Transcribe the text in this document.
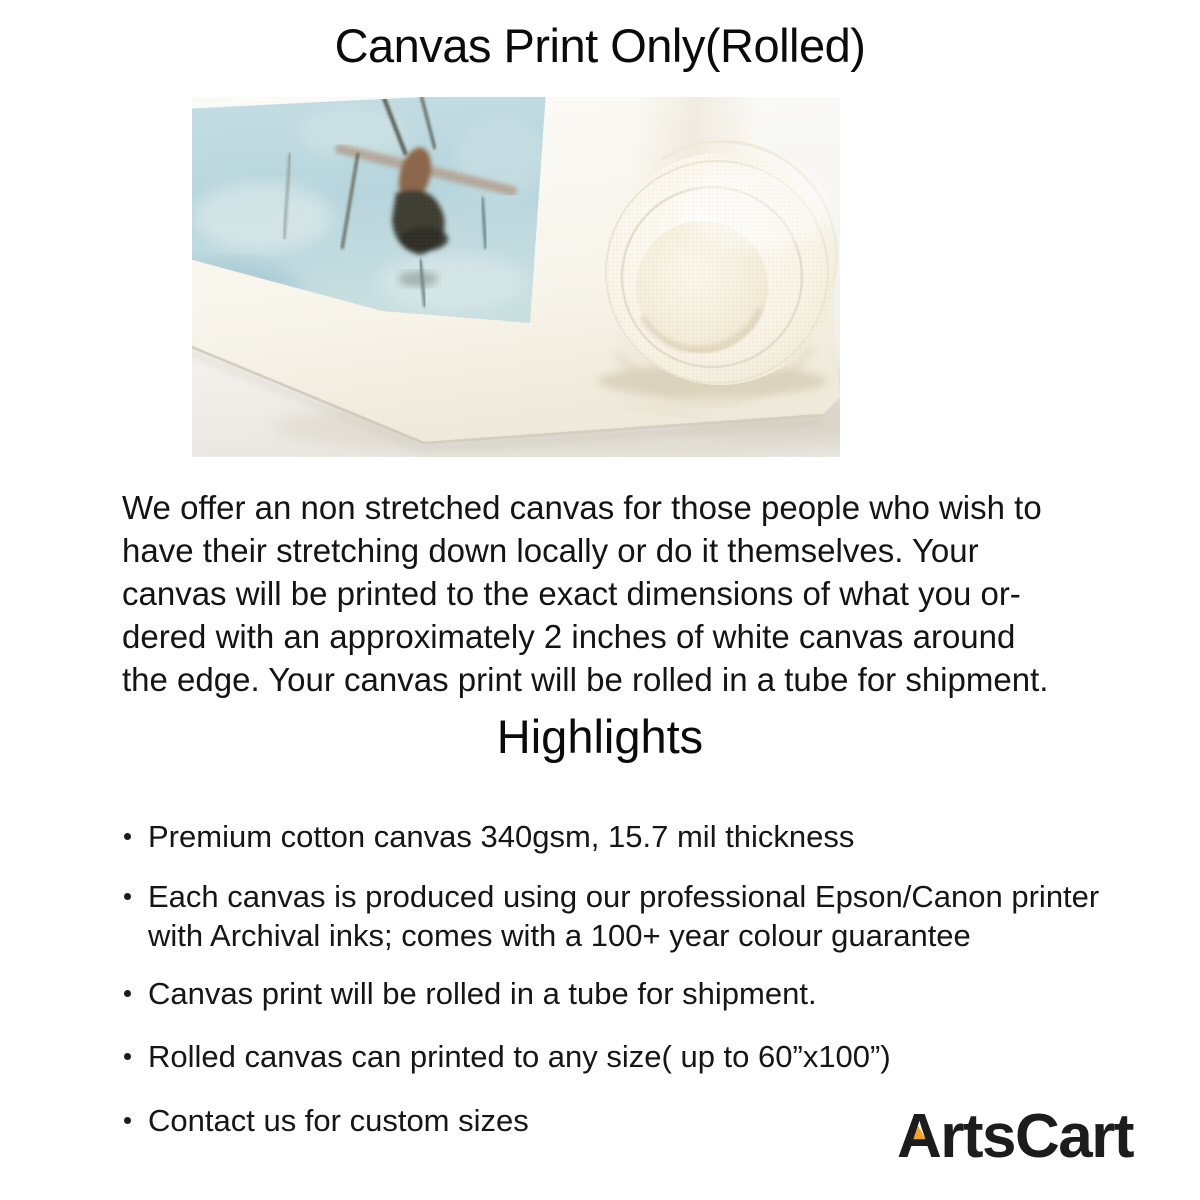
Canvas Print Only(Rolled)
We offer an non stretched canvas for those people who wish to
have their stretching down locally or do it themselves. Your
canvas will be printed to the exact dimensions of what you or-
dered with an approximately 2 inches of white canvas around
the edge. Your canvas print will be rolled in a tube for shipment.
Highlights
Premium cotton canvas 340gsm, 15.7 mil thickness
Each canvas is produced using our professional Epson/Canon printer
with Archival inks; comes with a 100+ year colour guarantee
Canvas print will be rolled in a tube for shipment.
Rolled canvas can printed to any size( up to 60”x100”)
Contact us for custom sizes	ArtsCart
